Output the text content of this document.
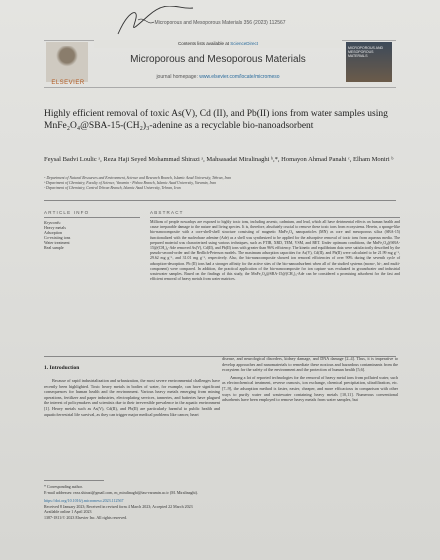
Microporous and Mesoporous Materials 356 (2023) 112567
ELSEVIER
Contents lists available at ScienceDirect
Microporous and Mesoporous Materials
journal homepage: www.elsevier.com/locate/micromeso
MICROPOROUS AND MESOPOROUS MATERIALS
Highly efficient removal of toxic As(V), Cd (II), and Pb(II) ions from water samples using MnFe₂O₄@SBA-15-(CH₂)₃-adenine as a recyclable bio-nanoadsorbent
Feysal Badvi Loulic ᵃ, Reza Haji Seyed Mohammad Shirazi ᵃ, Mahsasadat Miralinaghi ᵇ,*, Homayon Ahmad Panahi ᶜ, Elham Moniri ᵇ
ᵃ Department of Natural Resources and Environment, Science and Research Branch, Islamic Azad University, Tehran, Iran
ᵇ Department of Chemistry, Faculty of Science, Varamin - Pishva Branch, Islamic Azad University, Varamin, Iran
ᶜ Department of Chemistry, Central Tehran Branch, Islamic Azad University, Tehran, Iran
ARTICLE INFO	ABSTRACT
Keywords:
Heavy metals
Adsorption
Co-existing ions
Water treatment
Real sample
Millions of people nowadays are exposed to highly toxic ions, including arsenic, cadmium, and lead, which all have detrimental effects on human health and cause irreparable damage to the nature and living species. It is, therefore, absolutely crucial to remove these toxic ions from ecosystems. Herein, a sponge-like bio-nanocomposite with a core-shell-shell structure consisting of magnetic MnFe₂O₄ nanoparticles (MN) as core and mesoporous silica (SBA-15) functionalized with the nucleobase adenine (Ade) as a shell was synthesized to be applied for the adsorptive removal of toxic ions from aqueous media. The prepared material was characterized using various techniques, such as FTIR, XRD, TEM, VSM, and BET. Under optimum conditions, the MnFe₂O₄@SBA-15@(CH₂)₃-Ade removed As(V), Cd(II), and Pb(II) ions with greater than 96% efficiency. The kinetic and equilibrium data were satisfactorily described by the pseudo-second-order and the Redlich-Peterson models. The maximum adsorption capacities for As(V), Cd(II), and Pb(II) were calculated to be 21.99 mg g⁻¹, 29.62 mg g⁻¹, and 31.01 mg g⁻¹, respectively. Also, the bio-nanocomposite showed ion removal efficiencies of over 90% during the seventh cycle of adsorption-desorption. Pb (II) ions had a stronger affinity for the active sites of the bio-nanoadsorbent when all of the studied systems (mono-, bi-, and multi-component) were compared. In addition, the practical application of the bio-nanocomposite for ion capture was evaluated in groundwater and industrial wastewater samples. Based on the findings of this study, the MnFe₂O₄@SBA-15@(CH₂)₃-Ade can be considered a promising adsorbent for the fast and efficient removal of heavy metals from water matrices.
1. Introduction

Because of rapid industrialization and urbanization, the most severe environmental challenges have recently been highlighted. Toxic heavy metals in bodies of water, for example, can have significant consequences for human health and the environment. Various heavy metals emerging from mining operations, fertilizer and paper industries, electroplating services, tanneries, and batteries have plagued the interest of policymakers and scientists due to their irreversible prevalence in the aquatic environment [1]. Heavy metals such as As(V), Cd(II), and Pb(II) are particularly harmful to public health and aquatic/terrestrial life survival, as they can trigger major medical problems like cancer, heart

disease, and neurological disorders, kidney damage, and DNA damage [2–4]. Thus, it is imperative to develop approaches and nanomaterials to remediate these noxious and hazardous contaminants from the ecosystem for the safety of the environment and the protection of human health [5,6].

Among a lot of reported technologies for the removal of heavy metal ions from polluted water, such as electrochemical treatment, reverse osmosis, ion exchange, chemical precipitation, ultrafiltration, etc. [7–9], the adsorption method is faster, easier, cheaper, and more efficacious in comparison with other ways to purify water and wastewater containing heavy metals [10,11]. Numerous conventional adsorbents have been employed to remove heavy metals from water samples, but

* Corresponding author.
E-mail addresses: reza.shirazi@gmail.com, m_miralinaghi@iau-varamin.ac.ir (M. Miralinaghi).
https://doi.org/10.1016/j.micromeso.2023.112567
Received 8 January 2023; Received in revised form 4 March 2023; Accepted 22 March 2023
Available online 1 April 2023
1387-1811/© 2023 Elsevier Inc. All rights reserved.
